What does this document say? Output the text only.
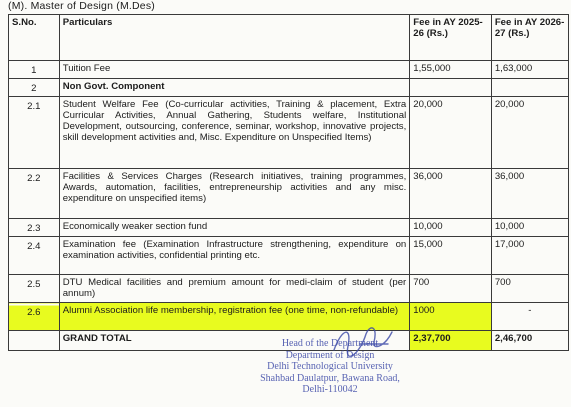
(M). Master of Design (M.Des)
S.No.	Particulars	Fee in AY 2025-26 (Rs.)	Fee in AY 2026-27 (Rs.)
1	Tuition Fee	1,55,000	1,63,000
2	Non Govt. Component		
2.1	Student Welfare Fee (Co-curricular activities, Training & placement, Extra Curricular Activities, Annual Gathering, Students welfare, Institutional Development, outsourcing, conference, seminar, workshop, innovative projects, skill development activities and, Misc. Expenditure on Unspecified Items)	20,000	20,000
2.2	Facilities & Services Charges (Research initiatives, training programmes, Awards, automation, facilities, entrepreneurship activities and any misc. expenditure on unspecified items)	36,000	36,000
2.3	Economically weaker section fund	10,000	10,000
2.4	Examination fee (Examination Infrastructure strengthening, expenditure on examination activities, confidential printing etc.	15,000	17,000
2.5	DTU Medical facilities and premium amount for medi-claim of student (per annum)	700	700
2.6	Alumni Association life membership, registration fee (one time, non-refundable)	1000	-
	GRAND TOTAL	2,37,700	2,46,700
Head of the Department
Department of Design
Delhi Technological University
Shahbad Daulatpur, Bawana Road,
Delhi-110042
